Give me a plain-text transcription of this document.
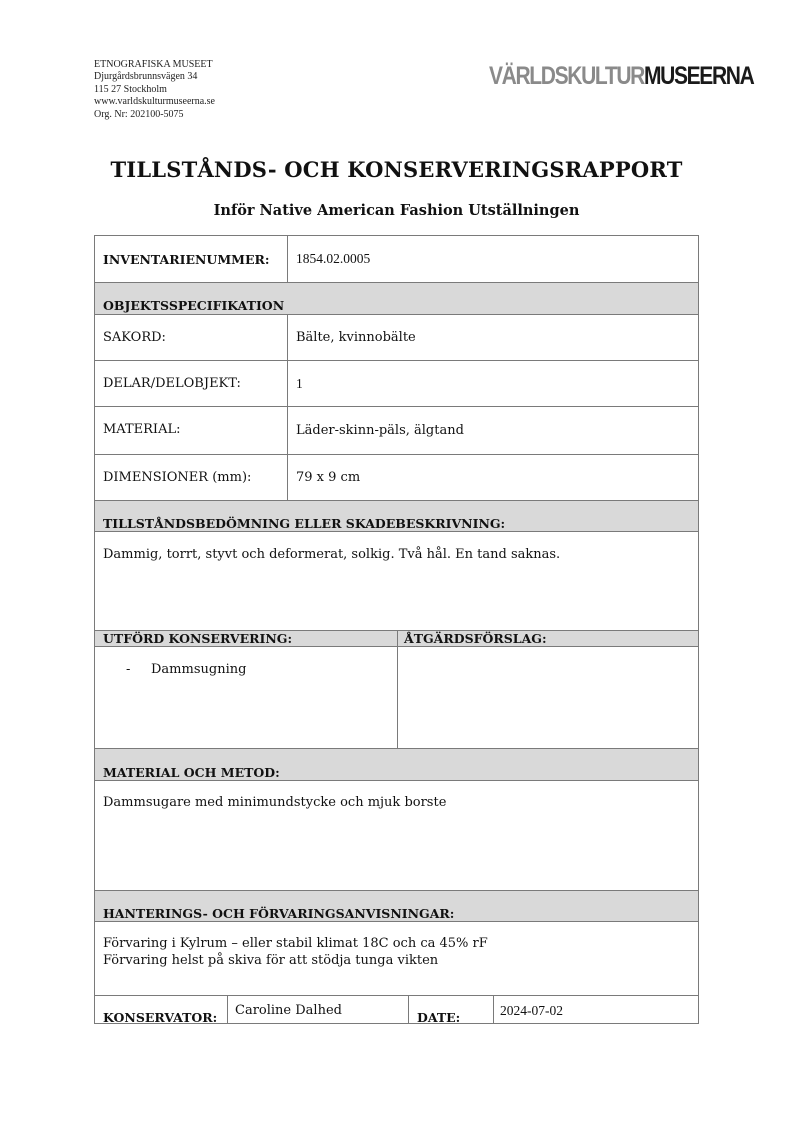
ETNOGRAFISKA MUSEET
Djurgårdsbrunnsvägen 34
115 27 Stockholm
www.varldskulturmuseerna.se
Org. Nr: 202100-5075
VÄRLDSKULTURMUSEERNA
TILLSTÅNDS- OCH KONSERVERINGSRAPPORT
Inför Native American Fashion Utställningen
INVENTARIENUMMER: 1854.02.0005
OBJEKTSSPECIFIKATION
SAKORD:	Bälte, kvinnobälte
DELAR/DELOBJEKT:	1
MATERIAL:	Läder-skinn-päls, älgtand
DIMENSIONER (mm):	79 x 9 cm
TILLSTÅNDSBEDÖMNING ELLER SKADEBESKRIVNING:
Dammig, torrt, styvt och deformerat, solkig. Två hål. En tand saknas.
UTFÖRD KONSERVERING:	ÅTGÄRDSFÖRSLAG:
- Dammsugning
MATERIAL OCH METOD:
Dammsugare med minimundstycke och mjuk borste
HANTERINGS- OCH FÖRVARINGSANVISNINGAR:
Förvaring i Kylrum – eller stabil klimat 18C och ca 45% rF
Förvaring helst på skiva för att stödja tunga vikten
KONSERVATOR: Caroline Dalhed	DATE:	2024-07-02
